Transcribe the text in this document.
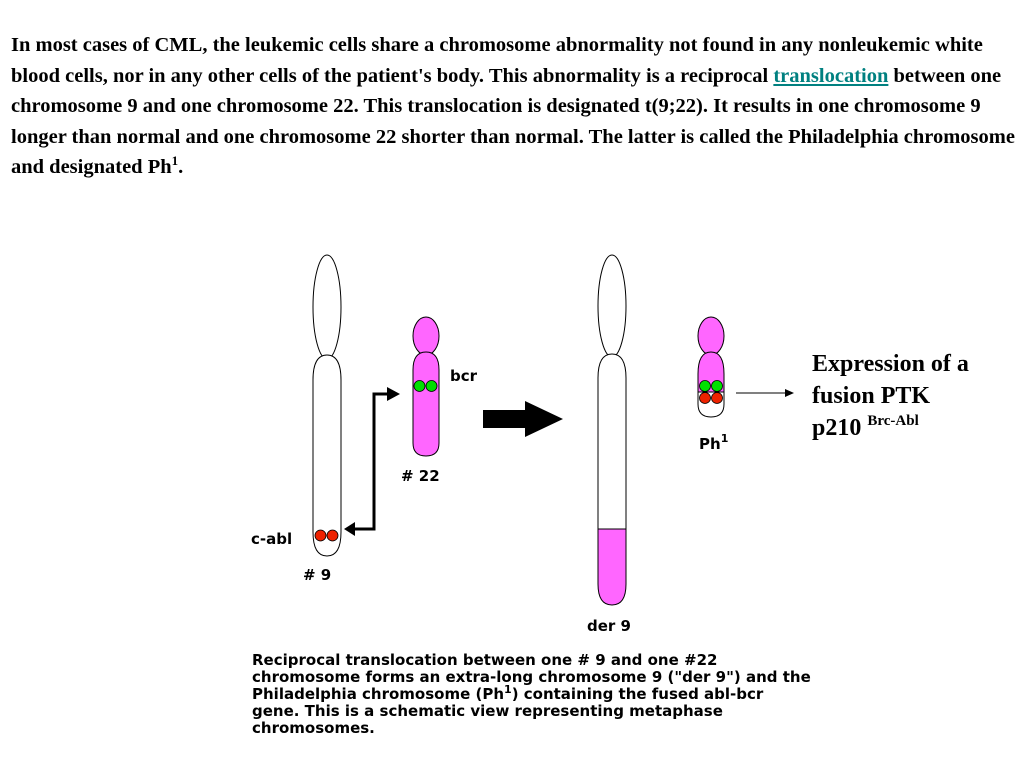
In most cases of CML, the leukemic cells share a chromosome abnormality not found in any nonleukemic white blood cells, nor in any other cells of the patient's body. This abnormality is a reciprocal translocation between one chromosome 9 and one chromosome 22. This translocation is designated t(9;22). It results in one chromosome 9 longer than normal and one chromosome 22 shorter than normal. The latter is called the Philadelphia chromosome and designated Ph$^1$.
bcr
# 22
c-abl
# 9
der 9
Ph$^1$
Expression of a
fusion PTK
p210 $^{Brc-Abl}$
Reciprocal translocation between one # 9 and one #22 chromosome forms an extra-long chromosome 9 ("der 9") and the Philadelphia chromosome (Ph$^1$) containing the fused abl-bcr gene. This is a schematic view representing metaphase chromosomes.
